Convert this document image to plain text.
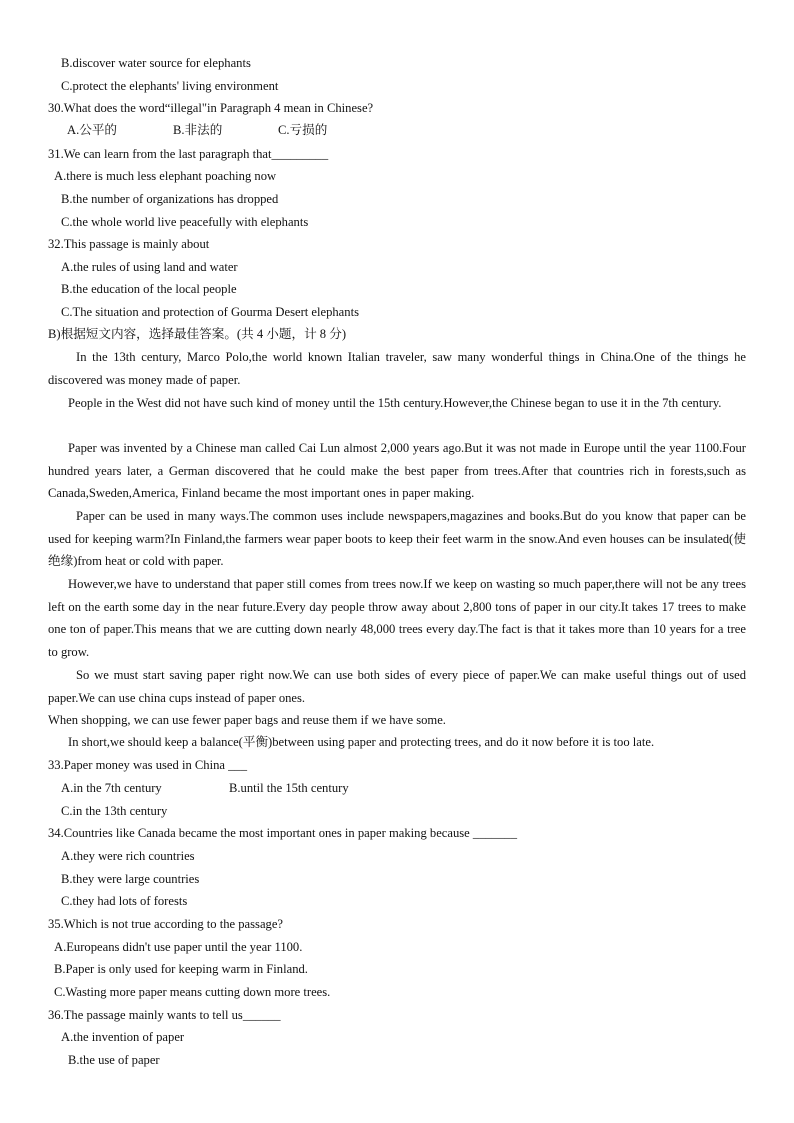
B.discover water source for elephants
C.protect the elephants' living environment
30.What does the word“illegal"in Paragraph 4 mean in Chinese?
A.公平的	B.非法的	C.亏损的
31.We can learn from the last paragraph that_________
A.there is much less elephant poaching now
B.the number of organizations has dropped
C.the whole world live peacefully with elephants
32.This passage is mainly about
A.the rules of using land and water
B.the education of the local people
C.The situation and protection of Gourma Desert elephants
B)根据短文内容，选择最佳答案。(共 4 小题，计 8 分)
In the 13th century, Marco Polo,the world known Italian traveler, saw many wonderful things in China.One of the things he discovered was money made of paper.
People in the West did not have such kind of money until the 15th century.However,the Chinese began to use it in the 7th century.
Paper was invented by a Chinese man called Cai Lun almost 2,000 years ago.But it was not made in Europe until the year 1100.Four hundred years later, a German discovered that he could make the best paper from trees.After that countries rich in forests,such as Canada,Sweden,America, Finland became the most important ones in paper making.
Paper can be used in many ways.The common uses include newspapers,magazines and books.But do you know that paper can be used for keeping warm?In Finland,the farmers wear paper boots to keep their feet warm in the snow.And even houses can be insulated(使绝缘)from heat or cold with paper.
However,we have to understand that paper still comes from trees now.If we keep on wasting so much paper,there will not be any trees left on the earth some day in the near future.Every day people throw away about 2,800 tons of paper in our city.It takes 17 trees to make one ton of paper.This means that we are cutting down nearly 48,000 trees every day.The fact is that it takes more than 10 years for a tree to grow.
So we must start saving paper right now.We can use both sides of every piece of paper.We can make useful things out of used paper.We can use china cups instead of paper ones.
When shopping, we can use fewer paper bags and reuse them if we have some.
In short,we should keep a balance(平衡)between using paper and protecting trees, and do it now before it is too late.
33.Paper money was used in China ___
A.in the 7th century	B.until the 15th century
C.in the 13th century
34.Countries like Canada became the most important ones in paper making because _______
A.they were rich countries
B.they were large countries
C.they had lots of forests
35.Which is not true according to the passage?
A.Europeans didn't use paper until the year 1100.
B.Paper is only used for keeping warm in Finland.
C.Wasting more paper means cutting down more trees.
36.The passage mainly wants to tell us______
A.the invention of paper
B.the use of paper
